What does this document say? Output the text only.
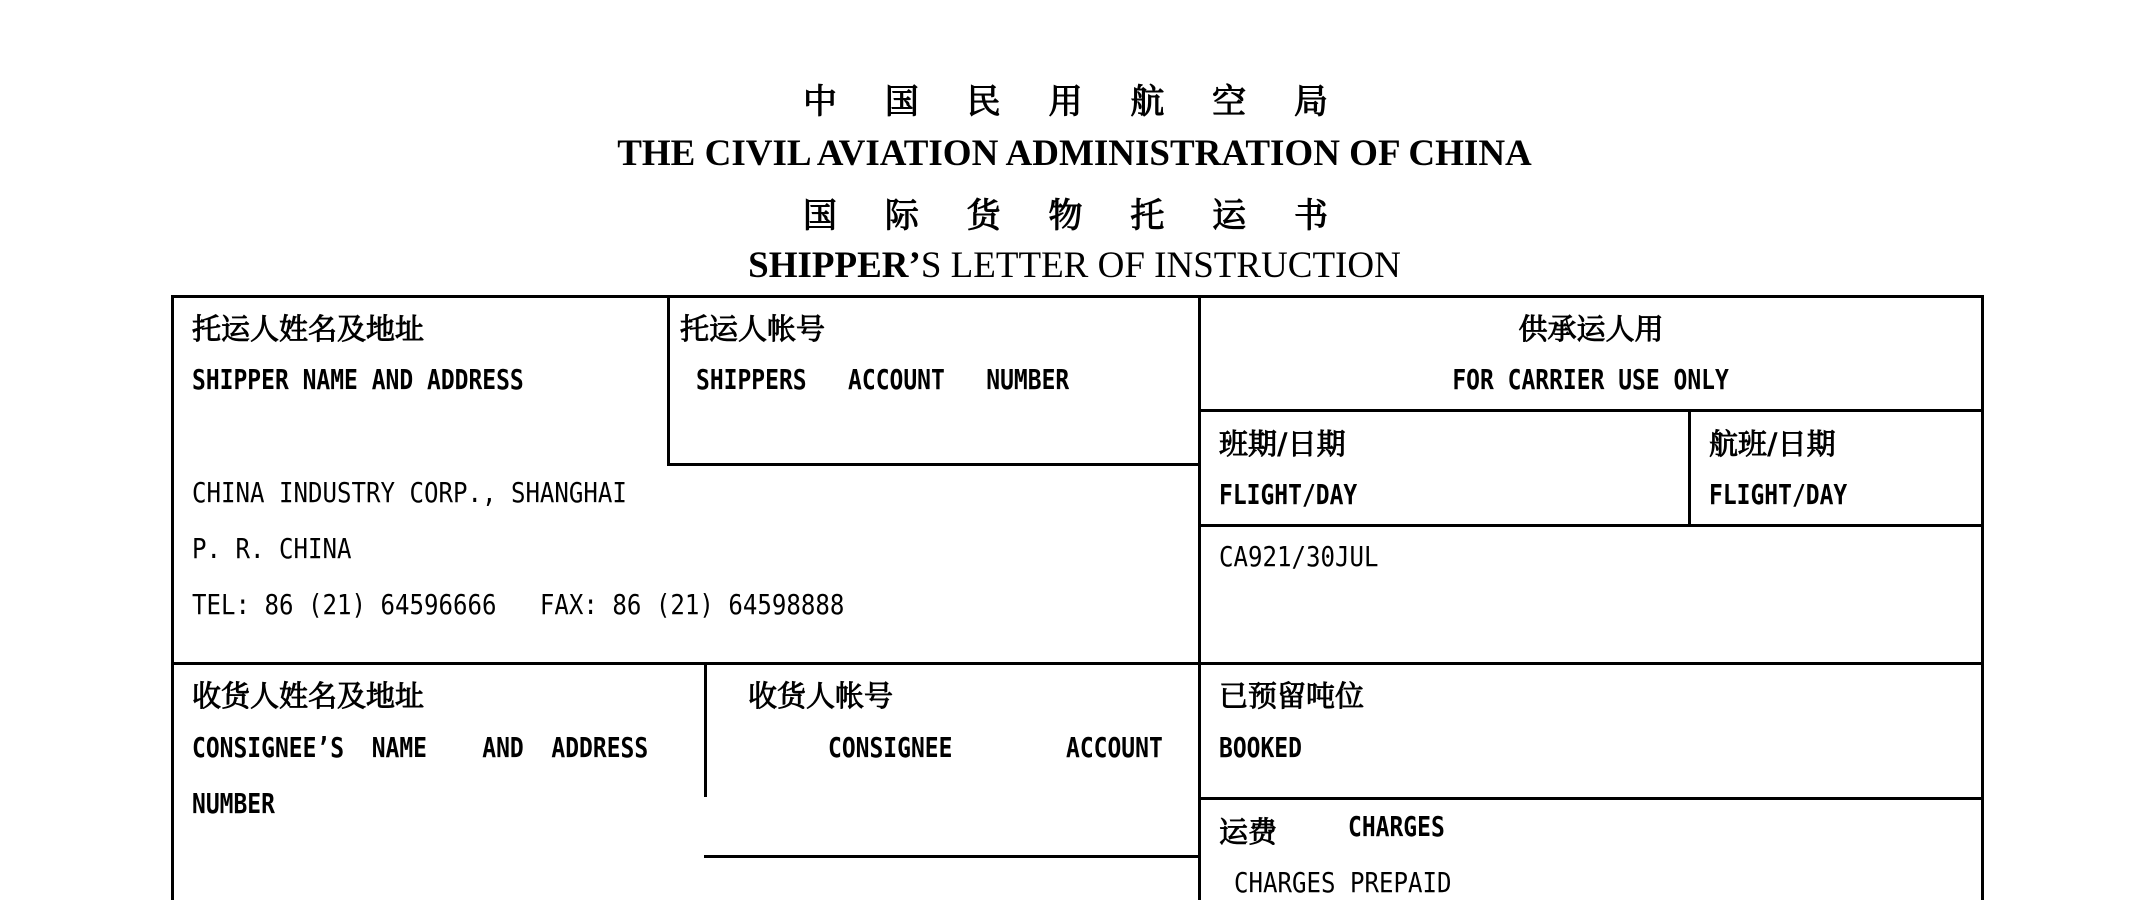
中 国 民 用 航 空 局
THE CIVIL AVIATION ADMINISTRATION OF CHINA
国 际 货 物 托 运 书
SHIPPER’S LETTER OF INSTRUCTION
托运人姓名及地址
SHIPPER NAME AND ADDRESS
托运人帐号
SHIPPERS   ACCOUNT   NUMBER
CHINA INDUSTRY CORP., SHANGHAI
P. R. CHINA
TEL: 86 (21) 64596666   FAX: 86 (21) 64598888
供承运人用
FOR CARRIER USE ONLY
班期/日期
FLIGHT/DAY
航班/日期
FLIGHT/DAY
CA921/30JUL
收货人姓名及地址
CONSIGNEE’S  NAME    AND  ADDRESS
NUMBER
收货人帐号
CONSIGNEE	ACCOUNT
已预留吨位
BOOKED
运费	CHARGES
CHARGES PREPAID
